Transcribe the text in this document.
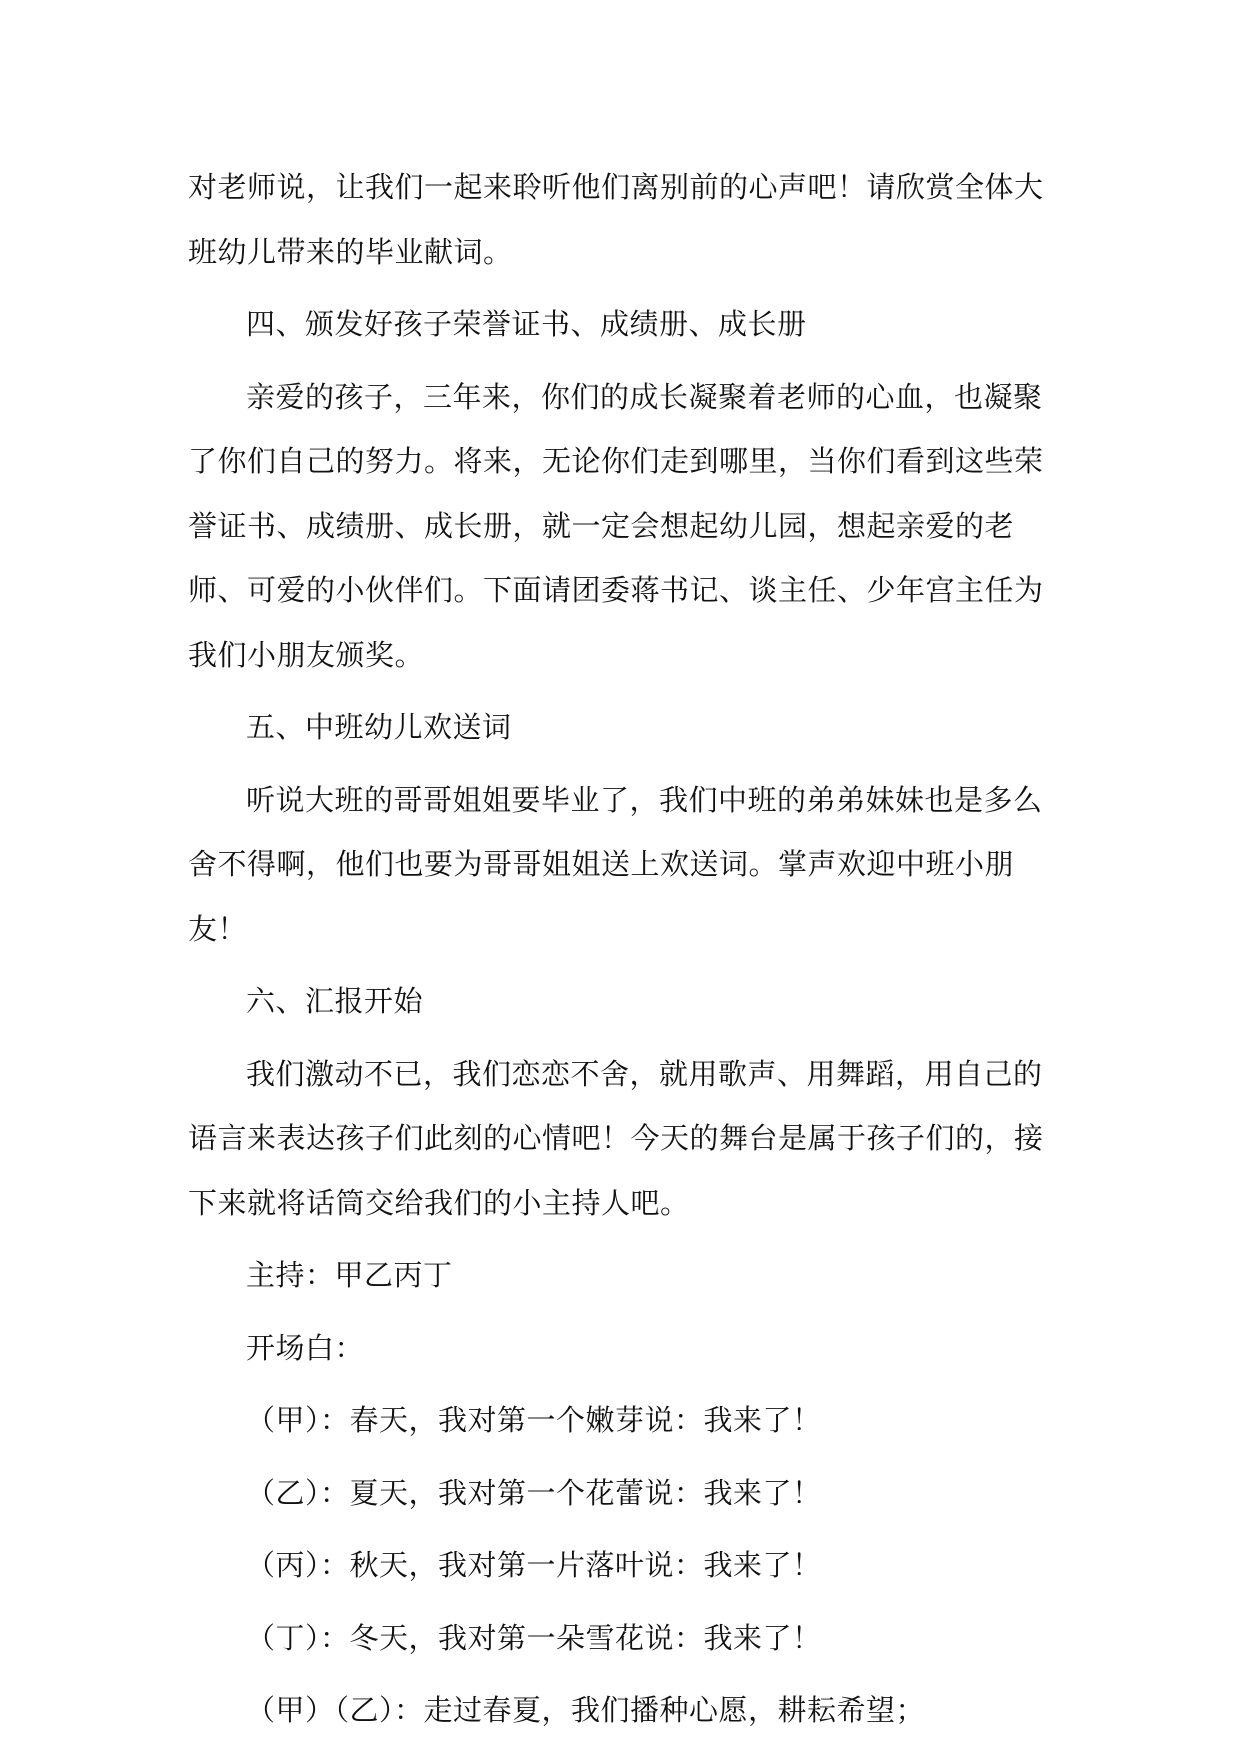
对老师说，让我们一起来聆听他们离别前的心声吧！请欣赏全体大班幼儿带来的毕业献词。

四、颁发好孩子荣誉证书、成绩册、成长册

亲爱的孩子，三年来，你们的成长凝聚着老师的心血，也凝聚了你们自己的努力。将来，无论你们走到哪里，当你们看到这些荣誉证书、成绩册、成长册，就一定会想起幼儿园，想起亲爱的老师、可爱的小伙伴们。下面请团委蒋书记、谈主任、少年宫主任为我们小朋友颁奖。

五、中班幼儿欢送词

听说大班的哥哥姐姐要毕业了，我们中班的弟弟妹妹也是多么舍不得啊，他们也要为哥哥姐姐送上欢送词。掌声欢迎中班小朋友！

六、汇报开始

我们激动不已，我们恋恋不舍，就用歌声、用舞蹈，用自己的语言来表达孩子们此刻的心情吧！今天的舞台是属于孩子们的，接下来就将话筒交给我们的小主持人吧。

主持：甲乙丙丁

开场白：

（甲）：春天，我对第一个嫩芽说：我来了！

（乙）：夏天，我对第一个花蕾说：我来了！

（丙）：秋天，我对第一片落叶说：我来了！

（丁）：冬天，我对第一朵雪花说：我来了！

（甲）（乙）：走过春夏，我们播种心愿，耕耘希望；
